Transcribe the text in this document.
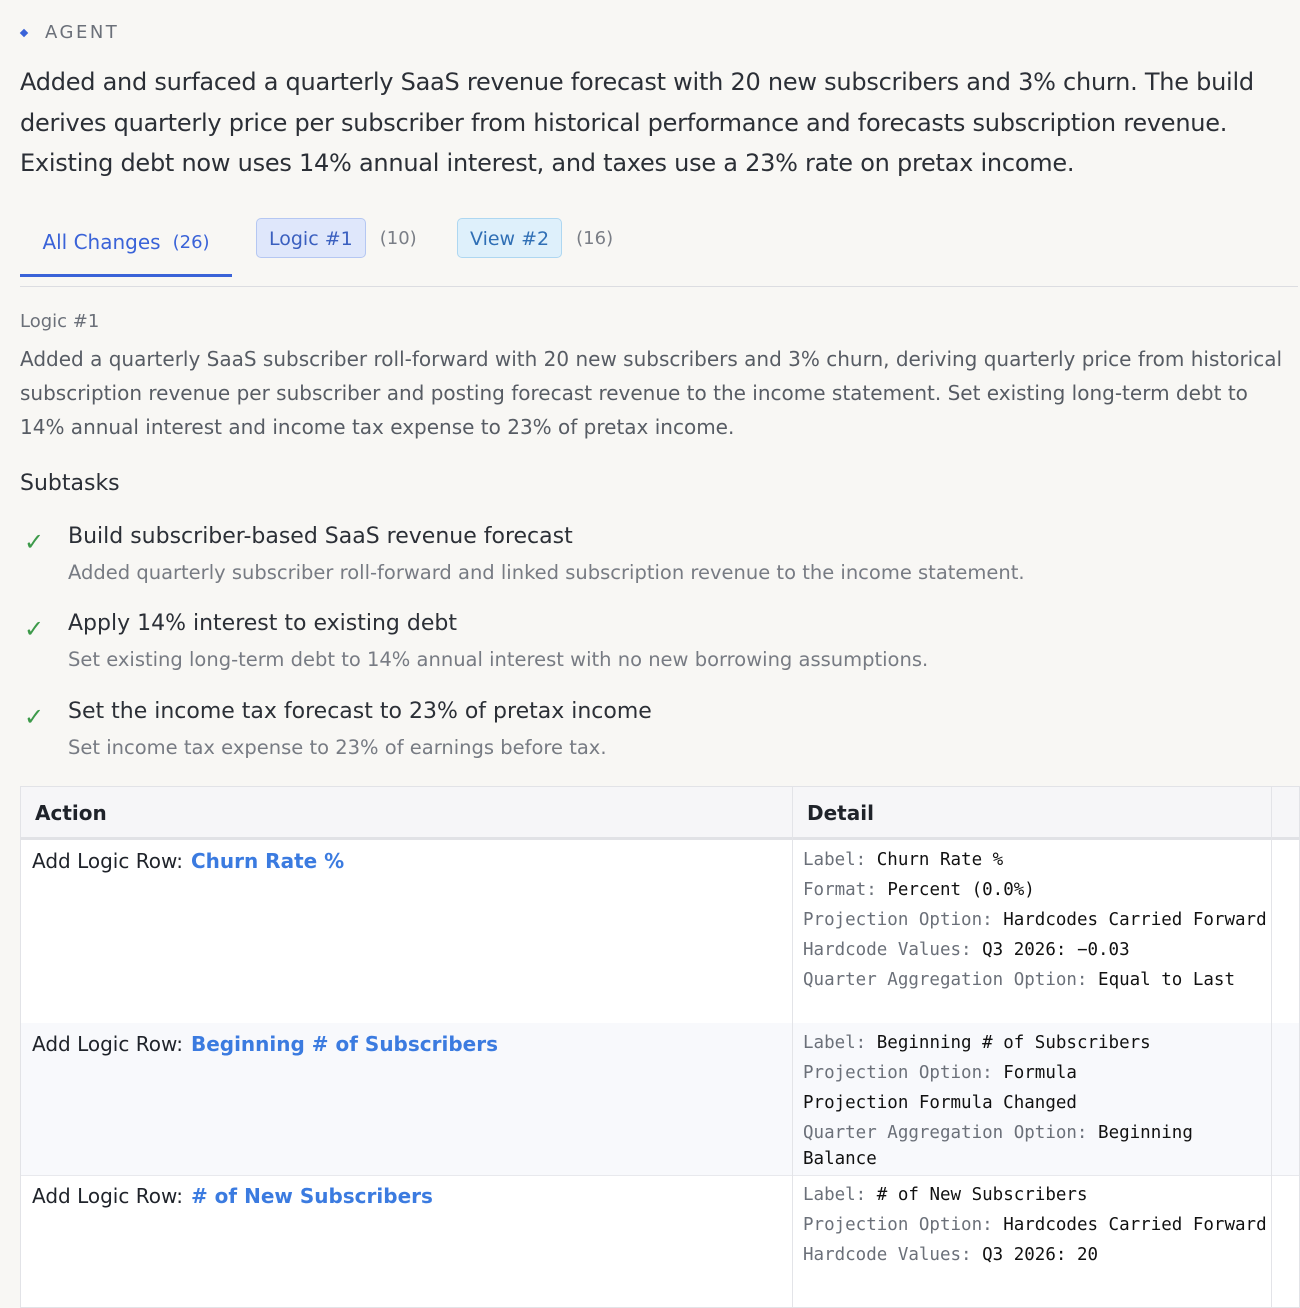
AGENT
Added and surfaced a quarterly SaaS revenue forecast with 20 new subscribers and 3% churn. The build derives quarterly price per subscriber from historical performance and forecasts subscription revenue. Existing debt now uses 14% annual interest, and taxes use a 23% rate on pretax income.
All Changes (26)	Logic #1	(10)	View #2	(16)
Logic #1
Added a quarterly SaaS subscriber roll-forward with 20 new subscribers and 3% churn, deriving quarterly price from historical subscription revenue per subscriber and posting forecast revenue to the income statement. Set existing long-term debt to 14% annual interest and income tax expense to 23% of pretax income.
Subtasks
✓ Build subscriber-based SaaS revenue forecast
Added quarterly subscriber roll-forward and linked subscription revenue to the income statement.
✓ Apply 14% interest to existing debt
Set existing long-term debt to 14% annual interest with no new borrowing assumptions.
✓ Set the income tax forecast to 23% of pretax income
Set income tax expense to 23% of earnings before tax.
Action	Detail
Add Logic Row: Churn Rate %	Label: Churn Rate %

Format: Percent (0.0%)

Projection Option: Hardcodes Carried Forward

Hardcode Values: Q3 2026: −0.03

Quarter Aggregation Option: Equal to Last

Add Logic Row: Beginning # of Subscribers	Label: Beginning # of Subscribers

Projection Option: Formula

Projection Formula Changed

Quarter Aggregation Option: Beginning Balance

Add Logic Row: # of New Subscribers	Label: # of New Subscribers

Projection Option: Hardcodes Carried Forward

Hardcode Values: Q3 2026: 20
